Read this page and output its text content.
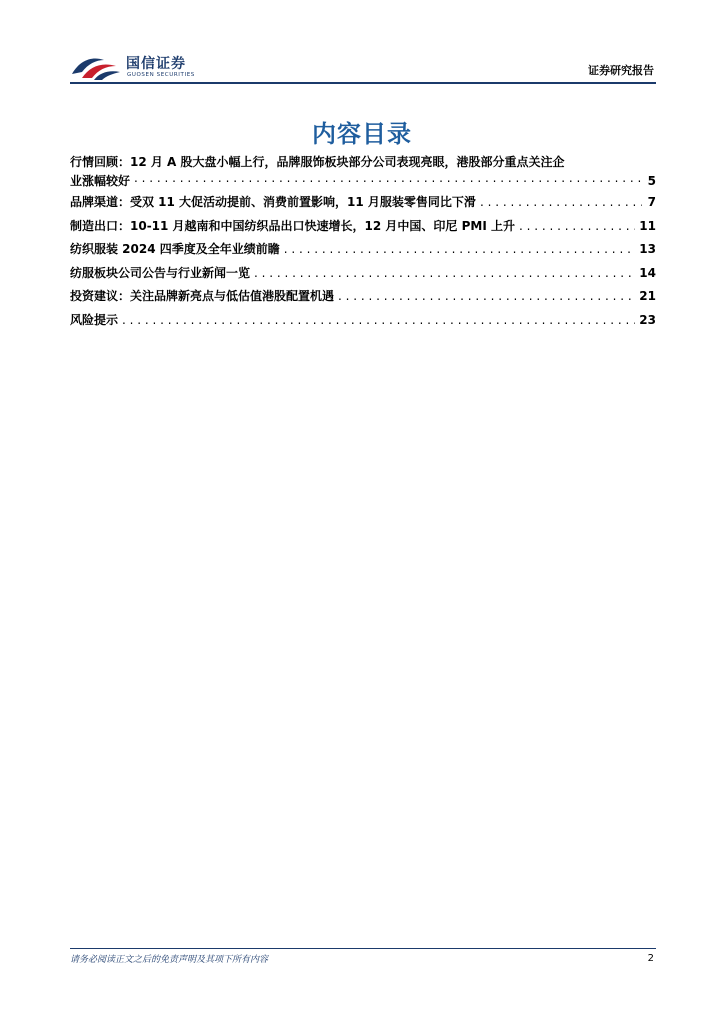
国信证券
GUOSEN SECURITIES	证券研究报告
内容目录
行情回顾：12 月 A 股大盘小幅上行，品牌服饰板块部分公司表现亮眼，港股部分重点关注企
业涨幅较好 . . .	5
品牌渠道：受双 11 大促活动提前、消费前置影响，11 月服装零售同比下滑 . . .	7
制造出口：10-11 月越南和中国纺织品出口快速增长，12 月中国、印尼 PMI 上升 . . .	11
纺织服装 2024 四季度及全年业绩前瞻 . . .	13
纺服板块公司公告与行业新闻一览 . . .	14
投资建议：关注品牌新亮点与低估值港股配置机遇 . . .	21
风险提示 . . .	23
请务必阅读正文之后的免责声明及其项下所有内容	2
